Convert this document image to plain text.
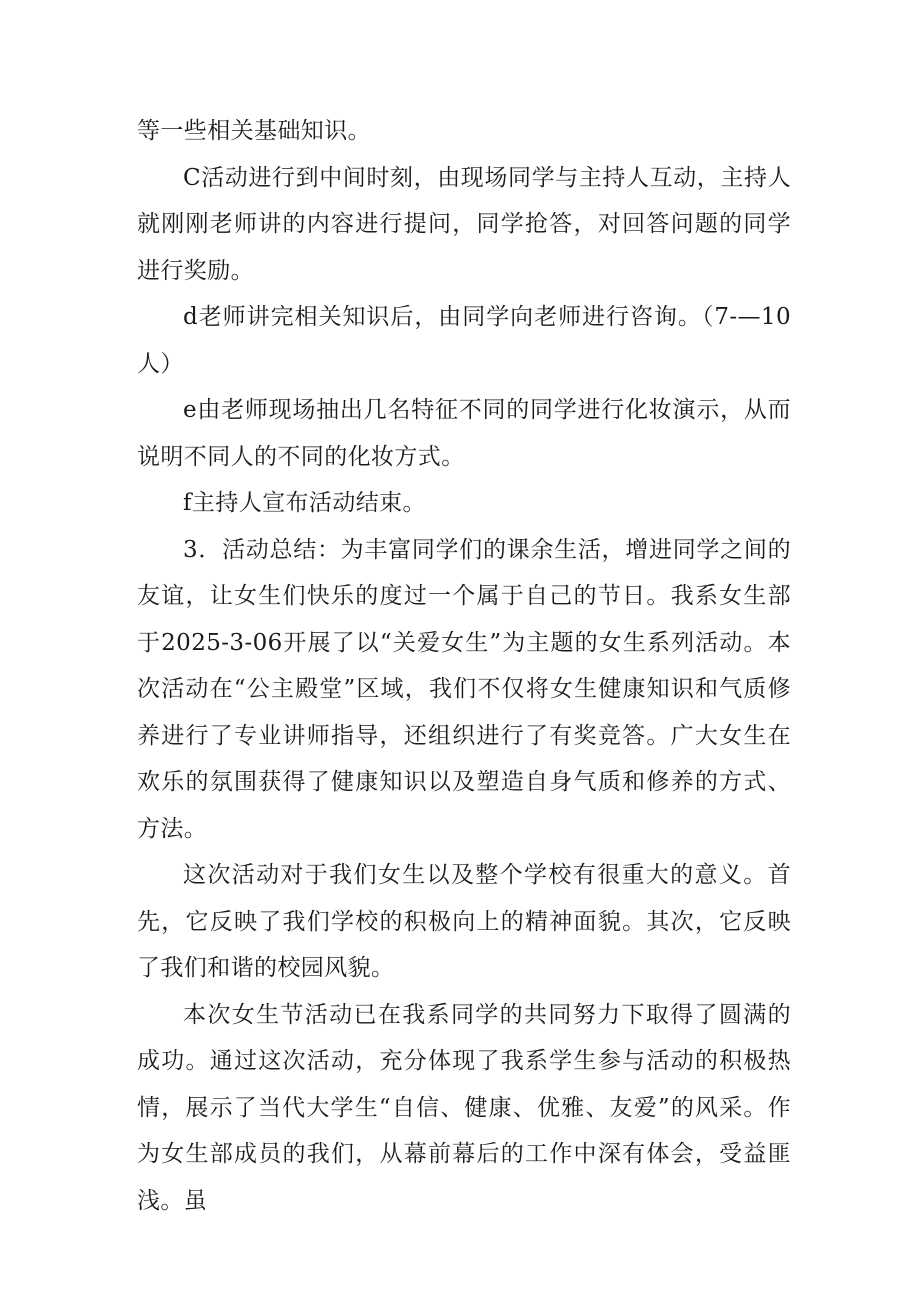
等一些相关基础知识。

C活动进行到中间时刻，由现场同学与主持人互动，主持人就刚刚老师讲的内容进行提问，同学抢答，对回答问题的同学进行奖励。

d老师讲完相关知识后，由同学向老师进行咨询。（7-—10人）

e由老师现场抽出几名特征不同的同学进行化妆演示，从而说明不同人的不同的化妆方式。

f主持人宣布活动结束。

3．活动总结：为丰富同学们的课余生活，增进同学之间的友谊，让女生们快乐的度过一个属于自己的节日。我系女生部于2025-3-06开展了以“关爱女生”为主题的女生系列活动。本次活动在“公主殿堂”区域，我们不仅将女生健康知识和气质修养进行了专业讲师指导，还组织进行了有奖竞答。广大女生在欢乐的氛围获得了健康知识以及塑造自身气质和修养的方式、方法。

这次活动对于我们女生以及整个学校有很重大的意义。首先，它反映了我们学校的积极向上的精神面貌。其次，它反映了我们和谐的校园风貌。

本次女生节活动已在我系同学的共同努力下取得了圆满的成功。通过这次活动，充分体现了我系学生参与活动的积极热情，展示了当代大学生“自信、健康、优雅、友爱”的风采。作为女生部成员的我们，从幕前幕后的工作中深有体会，受益匪浅。虽
